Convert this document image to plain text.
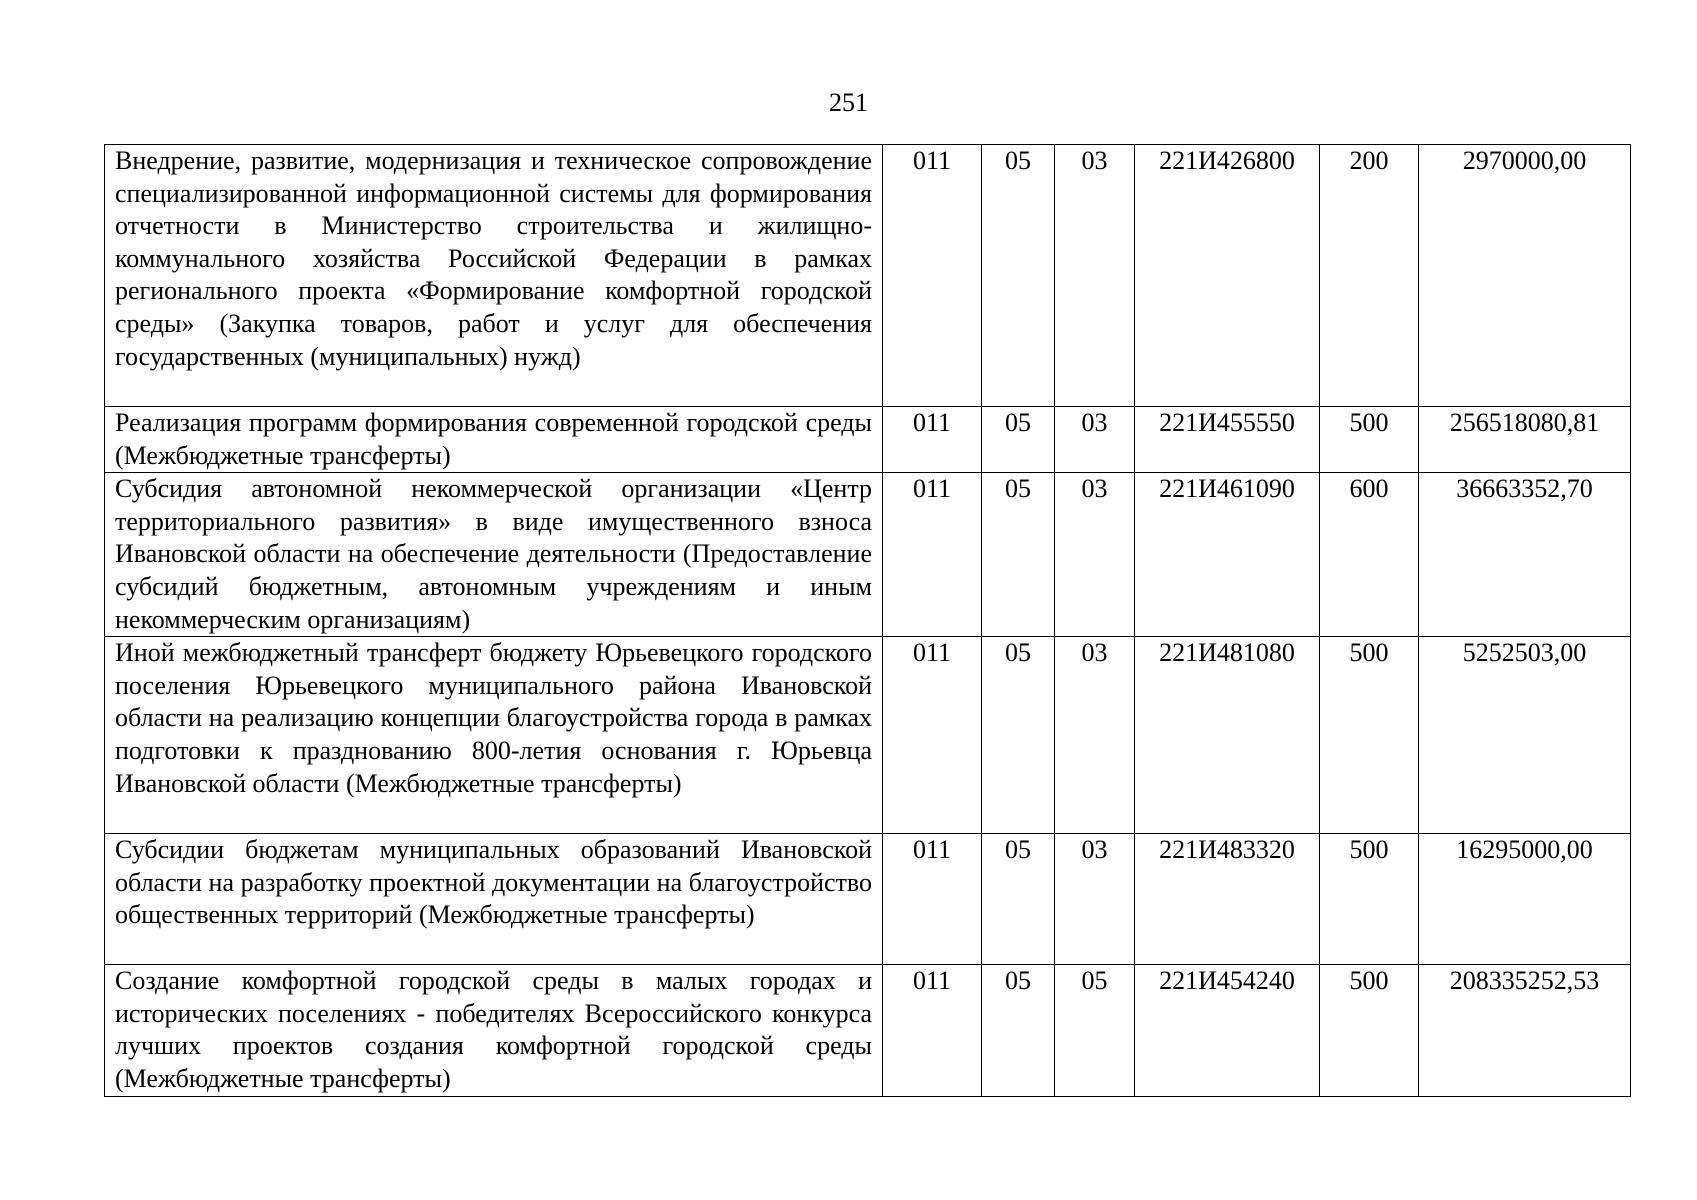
251
Внедрение, развитие, модернизация и техническое сопровождение специализированной информационной системы для формирования отчетности в Министерство строительства и жилищно-коммунального хозяйства Российской Федерации в рамках регионального проекта «Формирование комфортной городской среды» (Закупка товаров, работ и услуг для обеспечения государственных (муниципальных) нужд)	011	05	03	221И426800	200	2970000,00
Реализация программ формирования современной городской среды (Межбюджетные трансферты)	011	05	03	221И455550	500	256518080,81
Субсидия автономной некоммерческой организации «Центр территориального развития» в виде имущественного взноса Ивановской области на обеспечение деятельности (Предоставление субсидий бюджетным, автономным учреждениям и иным некоммерческим организациям)	011	05	03	221И461090	600	36663352,70
Иной межбюджетный трансферт бюджету Юрьевецкого городского поселения Юрьевецкого муниципального района Ивановской области на реализацию концепции благоустройства города в рамках подготовки к празднованию 800-летия основания г. Юрьевца Ивановской области (Межбюджетные трансферты)	011	05	03	221И481080	500	5252503,00
Субсидии бюджетам муниципальных образований Ивановской области на разработку проектной документации на благоустройство общественных территорий (Межбюджетные трансферты)	011	05	03	221И483320	500	16295000,00
Создание комфортной городской среды в малых городах и исторических поселениях - победителях Всероссийского конкурса лучших проектов создания комфортной городской среды (Межбюджетные трансферты)	011	05	05	221И454240	500	208335252,53
